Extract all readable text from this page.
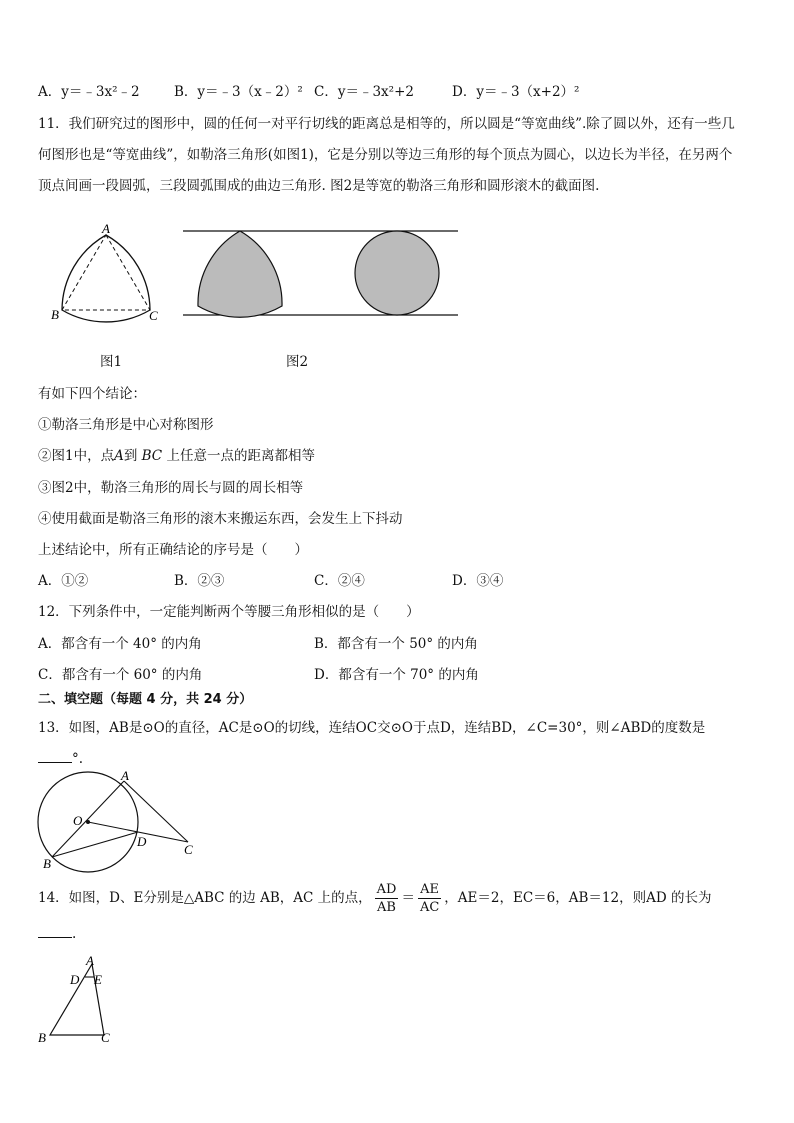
A．y＝﹣3x²﹣2	B．y＝﹣3（x﹣2）² C．y＝﹣3x²+2	D．y＝﹣3（x+2）²
11．我们研究过的图形中，圆的任何一对平行切线的距离总是相等的，所以圆是“等宽曲线”.除了圆以外，还有一些几
何图形也是“等宽曲线”，如勒洛三角形(如图1)，它是分别以等边三角形的每个顶点为圆心，以边长为半径，在另两个
顶点间画一段圆弧，三段圆弧围成的曲边三角形. 图2是等宽的勒洛三角形和圆形滚木的截面图.
A
B	C
图1	图2
有如下四个结论：
①勒洛三角形是中心对称图形
②图1中，点A到 BC 上任意一点的距离都相等
③图2中，勒洛三角形的周长与圆的周长相等
④使用截面是勒洛三角形的滚木来搬运东西，会发生上下抖动
上述结论中，所有正确结论的序号是（　　）
A．①②	B．②③	C．②④	D．③④
12．下列条件中，一定能判断两个等腰三角形相似的是（　　）
A．都含有一个 40° 的内角	B．都含有一个 50° 的内角
C．都含有一个 60° 的内角	D．都含有一个 70° 的内角
二、填空题（每题 4 分，共 24 分）
13．如图，AB是⊙O的直径，AC是⊙O的切线，连结OC交⊙O于点D，连结BD，∠C=30°，则∠ABD的度数是
°.
A
O
D
B
C
14．如图，D、E分别是△ABC 的边 AB，AC 上的点， $\frac{AD}{AB} = \frac{AE}{AC}$ ，AE＝2，EC＝6，AB＝12，则AD 的长为
.
A
D E
B	C
